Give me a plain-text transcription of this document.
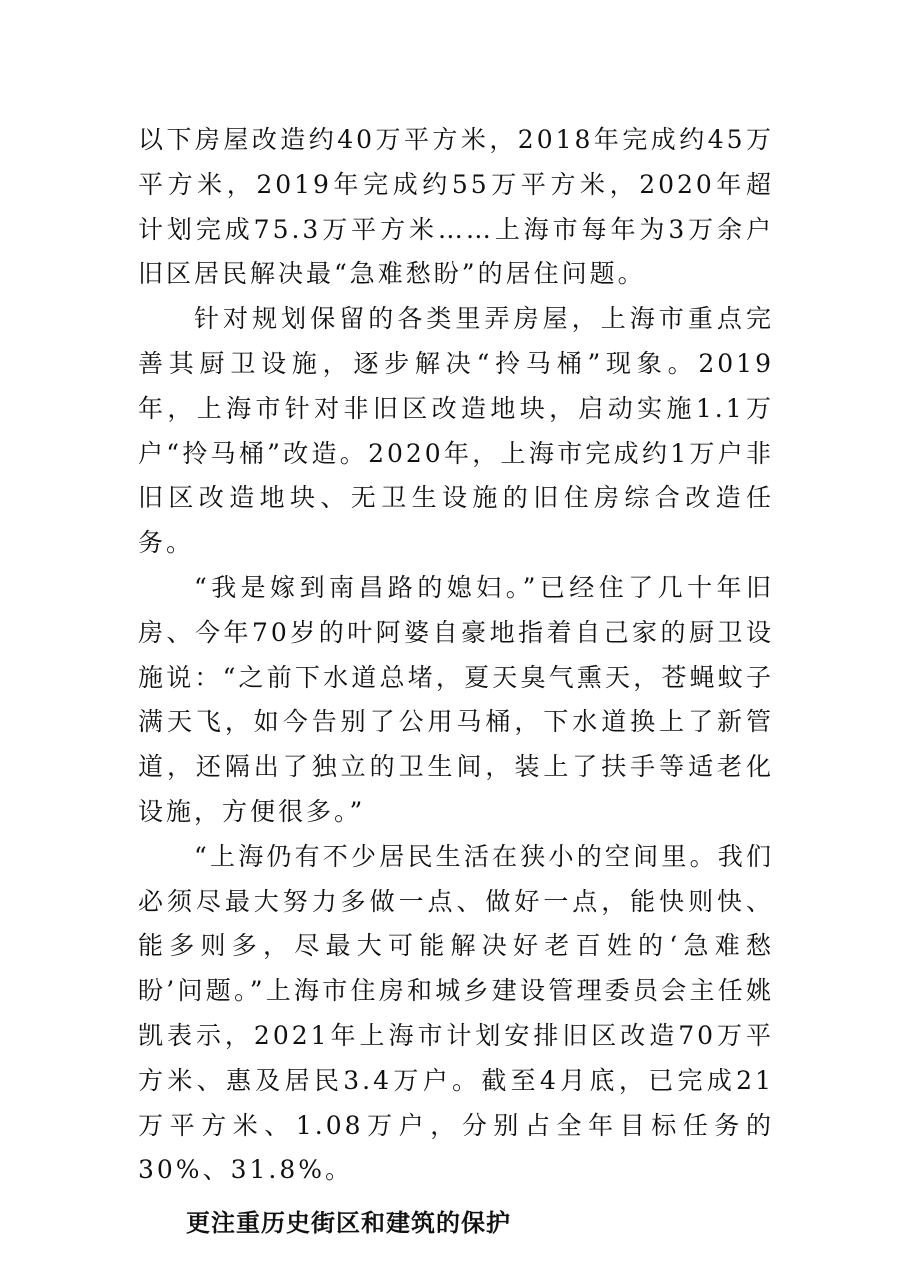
以下房屋改造约40万平方米，2018年完成约45万平方米，2019年完成约55万平方米，2020年超计划完成75.3万平方米……上海市每年为3万余户旧区居民解决最“急难愁盼”的居住问题。

针对规划保留的各类里弄房屋，上海市重点完善其厨卫设施，逐步解决“拎马桶”现象。2019年，上海市针对非旧区改造地块，启动实施1.1万户“拎马桶”改造。2020年，上海市完成约1万户非旧区改造地块、无卫生设施的旧住房综合改造任务。

“我是嫁到南昌路的媳妇。”已经住了几十年旧房、今年70岁的叶阿婆自豪地指着自己家的厨卫设施说：“之前下水道总堵，夏天臭气熏天，苍蝇蚊子满天飞，如今告别了公用马桶，下水道换上了新管道，还隔出了独立的卫生间，装上了扶手等适老化设施，方便很多。”

“上海仍有不少居民生活在狭小的空间里。我们必须尽最大努力多做一点、做好一点，能快则快、能多则多，尽最大可能解决好老百姓的‘急难愁盼’问题。”上海市住房和城乡建设管理委员会主任姚凯表示，2021年上海市计划安排旧区改造70万平方米、惠及居民3.4万户。截至4月底，已完成21万平方米、1.08万户，分别占全年目标任务的30%、31.8%。

更注重历史街区和建筑的保护
